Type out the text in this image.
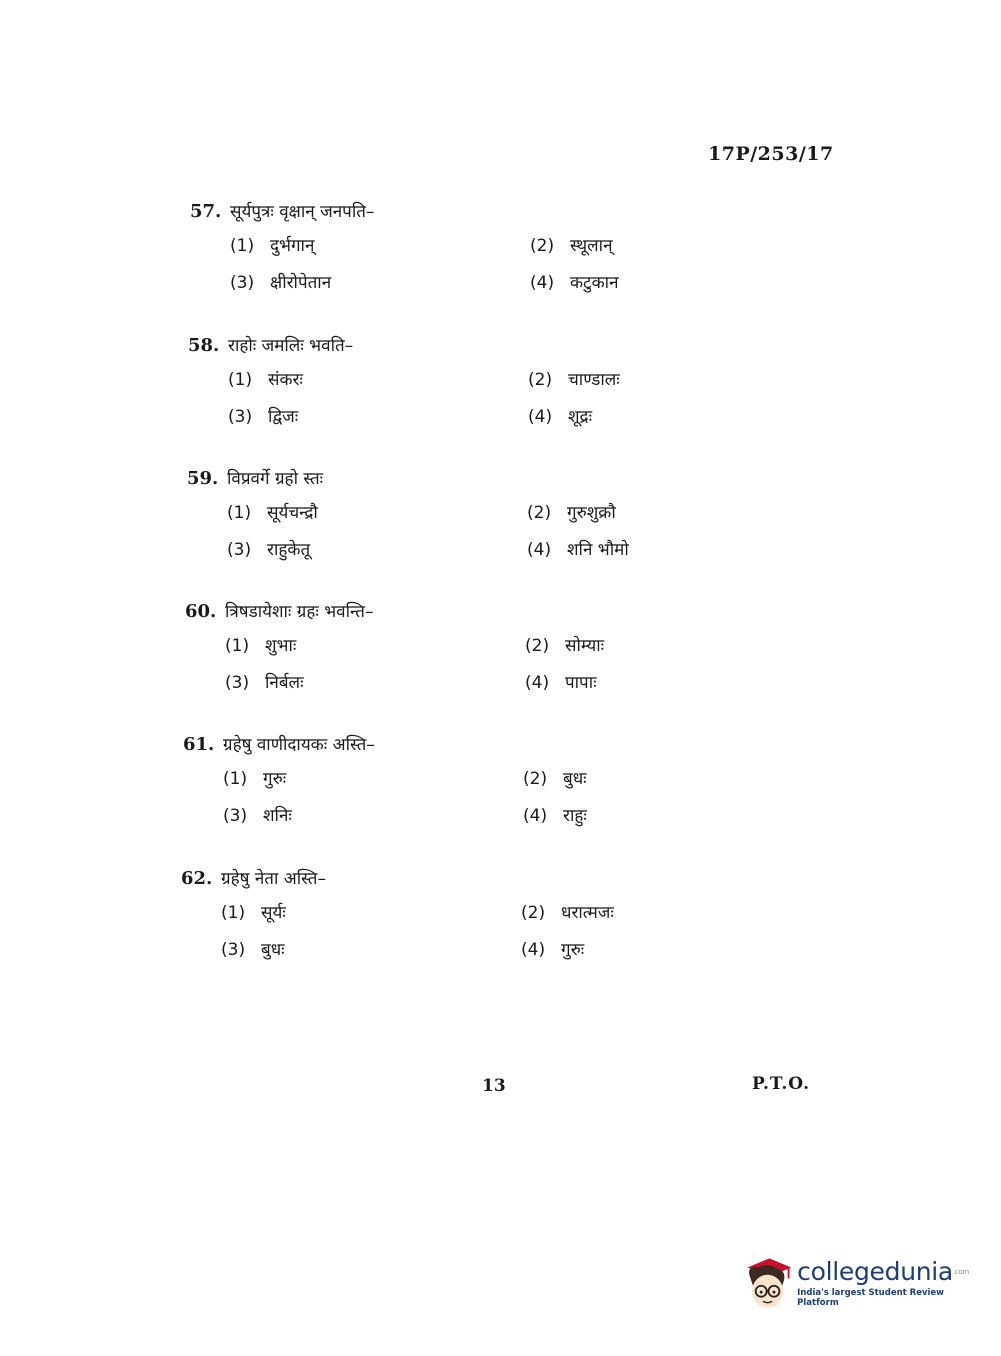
17P/253/17
57. सूर्यपुत्रः वृक्षान् जनपति–
(1) दुर्भगान्	(2) स्थूलान्
(3) क्षीरोपेतान	(4) कटुकान
58. राहोः जमलिः भवति–
(1) संकरः	(2) चाण्डालः
(3) द्विजः	(4) शूद्रः
59. विप्रवर्गे ग्रहो स्तः
(1) सूर्यचन्द्रौ	(2) गुरुशुक्रौ
(3) राहुकेतू	(4) शनि भौमो
60. त्रिषडायेशाः ग्रहः भवन्ति–
(1) शुभाः	(2) सोम्याः
(3) निर्बलः	(4) पापाः
61. ग्रहेषु वाणीदायकः अस्ति–
(1) गुरुः	(2) बुधः
(3) शनिः	(4) राहुः
62. ग्रहेषु नेता अस्ति–
(1) सूर्यः	(2) धरात्मजः
(3) बुधः	(4) गुरुः
13	P.T.O.
collegedunia$^{.com}$
India's largest Student Review Platform
